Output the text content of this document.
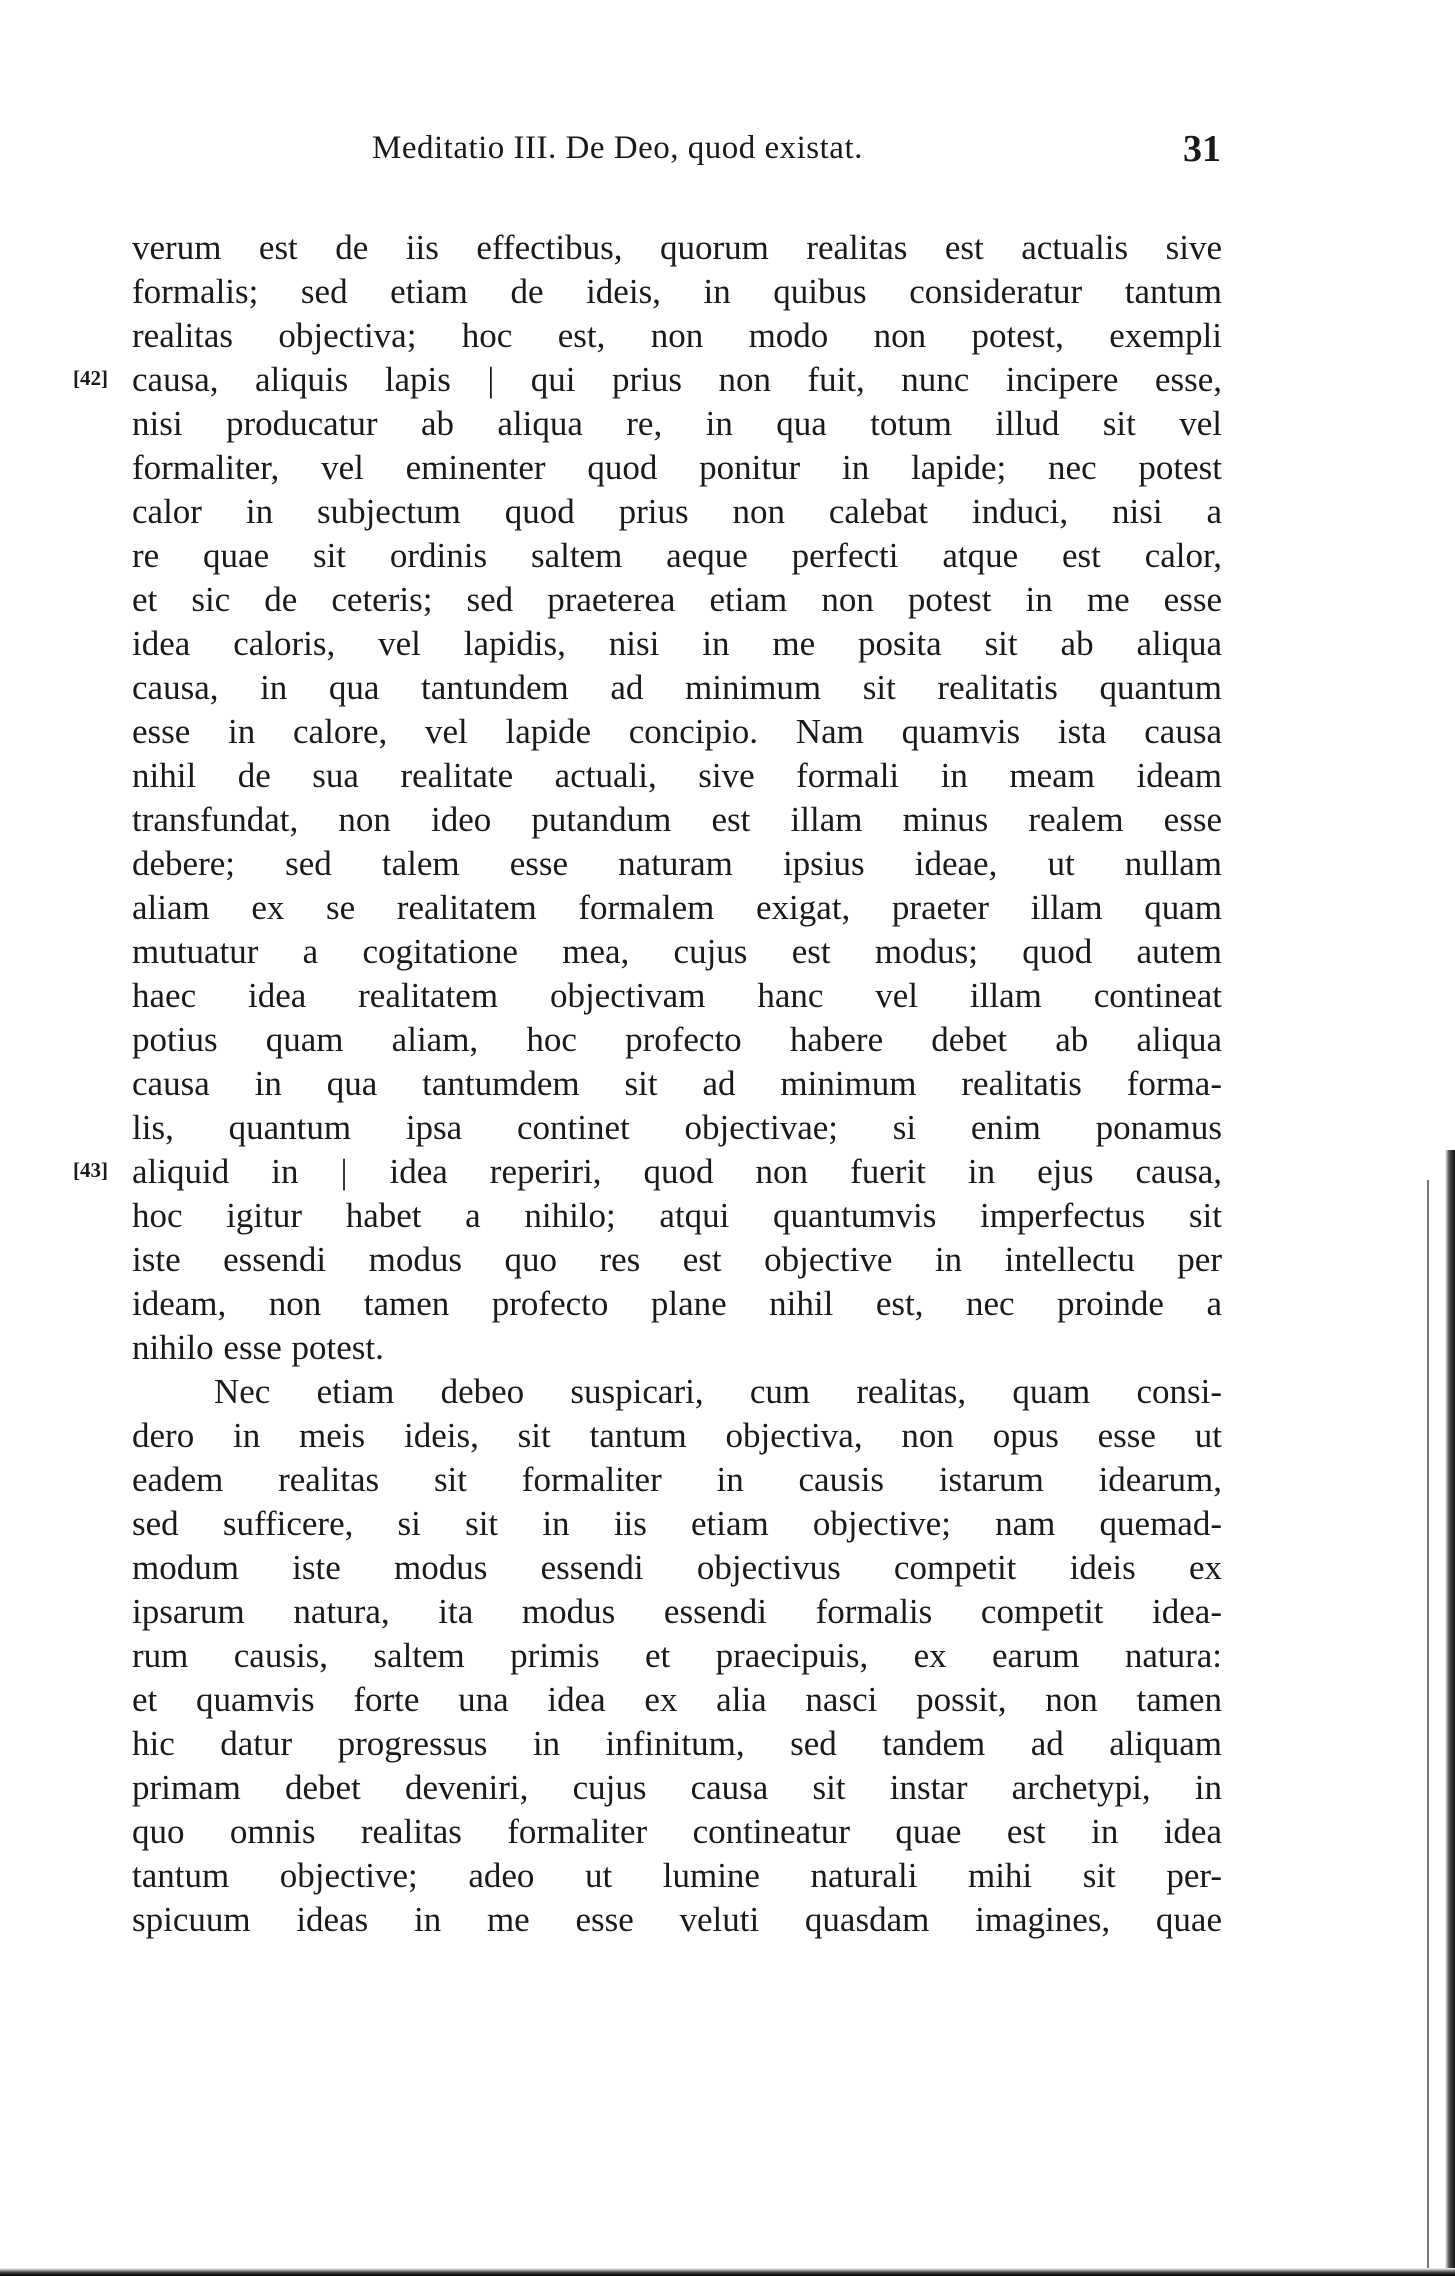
Meditatio III. De Deo, quod existat.	31
[42]
[43]
verum est de iis effectibus, quorum realitas est actualis sive
formalis; sed etiam de ideis, in quibus consideratur tantum
realitas objectiva; hoc est, non modo non potest, exempli
causa, aliquis lapis | qui prius non fuit, nunc incipere esse,
nisi producatur ab aliqua re, in qua totum illud sit vel
formaliter, vel eminenter quod ponitur in lapide; nec potest
calor in subjectum quod prius non calebat induci, nisi a
re quae sit ordinis saltem aeque perfecti atque est calor,
et sic de ceteris; sed praeterea etiam non potest in me esse
idea caloris, vel lapidis, nisi in me posita sit ab aliqua
causa, in qua tantundem ad minimum sit realitatis quantum
esse in calore, vel lapide concipio. Nam quamvis ista causa
nihil de sua realitate actuali, sive formali in meam ideam
transfundat, non ideo putandum est illam minus realem esse
debere; sed talem esse naturam ipsius ideae, ut nullam
aliam ex se realitatem formalem exigat, praeter illam quam
mutuatur a cogitatione mea, cujus est modus; quod autem
haec idea realitatem objectivam hanc vel illam contineat
potius quam aliam, hoc profecto habere debet ab aliqua
causa in qua tantumdem sit ad minimum realitatis forma-
lis, quantum ipsa continet objectivae; si enim ponamus
aliquid in | idea reperiri, quod non fuerit in ejus causa,
hoc igitur habet a nihilo; atqui quantumvis imperfectus sit
iste essendi modus quo res est objective in intellectu per
ideam, non tamen profecto plane nihil est, nec proinde a
nihilo esse potest.
Nec etiam debeo suspicari, cum realitas, quam consi-
dero in meis ideis, sit tantum objectiva, non opus esse ut
eadem realitas sit formaliter in causis istarum idearum,
sed sufficere, si sit in iis etiam objective; nam quemad-
modum iste modus essendi objectivus competit ideis ex
ipsarum natura, ita modus essendi formalis competit idea-
rum causis, saltem primis et praecipuis, ex earum natura:
et quamvis forte una idea ex alia nasci possit, non tamen
hic datur progressus in infinitum, sed tandem ad aliquam
primam debet deveniri, cujus causa sit instar archetypi, in
quo omnis realitas formaliter contineatur quae est in idea
tantum objective; adeo ut lumine naturali mihi sit per-
spicuum ideas in me esse veluti quasdam imagines, quae
